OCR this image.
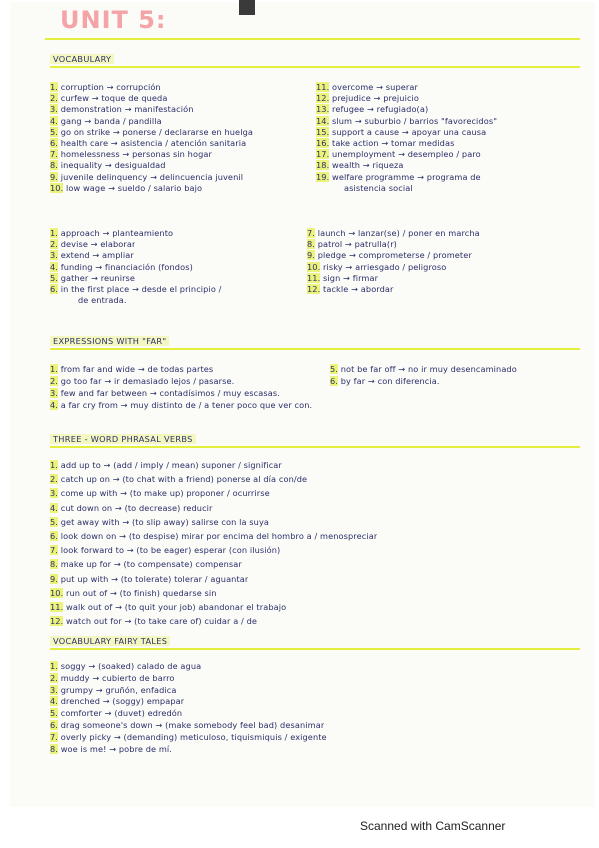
UNIT 5:
VOCABULARY
1. corruption → corrupción
2. curfew → toque de queda
3. demonstration → manifestación
4. gang → banda / pandilla
5. go on strike → ponerse / declararse en huelga
6. health care → asistencia / atención sanitaria
7. homelessness → personas sin hogar
8. inequality → desigualdad
9. juvenile delinquency → delincuencia juvenil
10. low wage → sueldo / salario bajo
11. overcome → superar
12. prejudice → prejuicio
13. refugee → refugiado(a)
14. slum → suburbio / barrios "favorecidos"
15. support a cause → apoyar una causa
16. take action → tomar medidas
17. unemployment → desempleo / paro
18. wealth → riqueza
19. welfare programme → programa de
asistencia social
1. approach → planteamiento
2. devise → elaborar
3. extend → ampliar
4. funding → financiación (fondos)
5. gather → reunirse
6. in the first place → desde el principio /
de entrada.
7. launch → lanzar(se) / poner en marcha
8. patrol → patrulla(r)
9. pledge → comprometerse / prometer
10. risky → arriesgado / peligroso
11. sign → firmar
12. tackle → abordar
EXPRESSIONS WITH "FAR"
1. from far and wide → de todas partes
2. go too far → ir demasiado lejos / pasarse.
3. few and far between → contadísimos / muy escasas.
4. a far cry from → muy distinto de / a tener poco que ver con.
5. not be far off → no ir muy desencaminado
6. by far → con diferencia.
THREE - WORD PHRASAL VERBS
1. add up to → (add / imply / mean) suponer / significar
2. catch up on → (to chat with a friend) ponerse al día con/de
3. come up with → (to make up) proponer / ocurrirse
4. cut down on → (to decrease) reducir
5. get away with → (to slip away) salirse con la suya
6. look down on → (to despise) mirar por encima del hombro a / menospreciar
7. look forward to → (to be eager) esperar (con ilusión)
8. make up for → (to compensate) compensar
9. put up with → (to tolerate) tolerar / aguantar
10. run out of → (to finish) quedarse sin
11. walk out of → (to quit your job) abandonar el trabajo
12. watch out for → (to take care of) cuidar a / de
VOCABULARY FAIRY TALES
1. soggy → (soaked) calado de agua
2. muddy → cubierto de barro
3. grumpy → gruñón, enfadica
4. drenched → (soggy) empapar
5. comforter → (duvet) edredón
6. drag someone's down → (make somebody feel bad) desanimar
7. overly picky → (demanding) meticuloso, tiquismiquis / exigente
8. woe is me! → pobre de mí.
Scanned with CamScanner
